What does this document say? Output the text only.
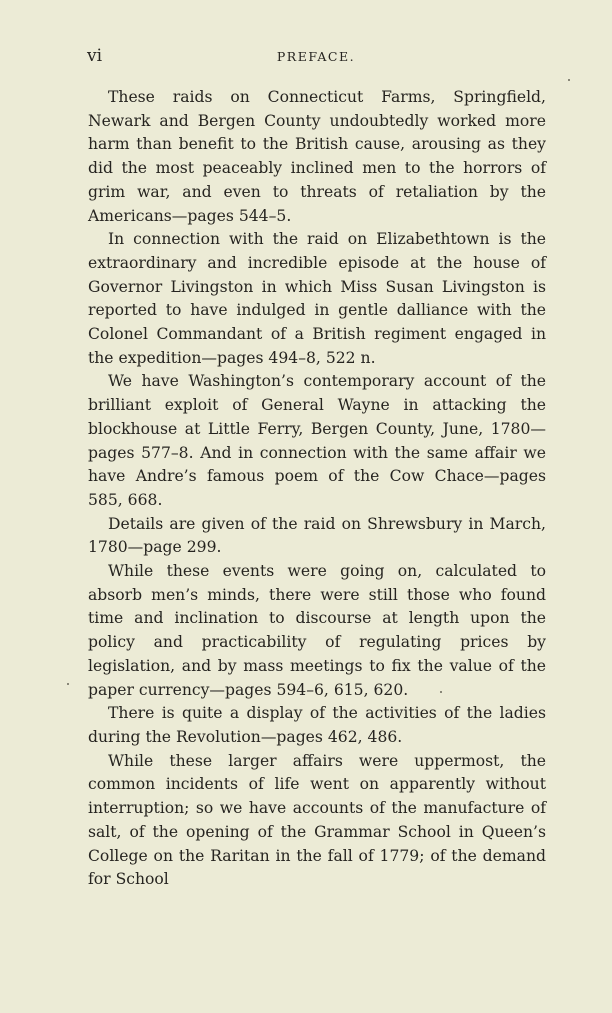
vi	PREFACE.

These raids on Connecticut Farms, Springfield, Newark and Bergen County undoubtedly worked more harm than benefit to the British cause, arousing as they did the most peaceably inclined men to the horrors of grim war, and even to threats of retaliation by the Americans—pages 544–5.

In connection with the raid on Elizabethtown is the extraordinary and incredible episode at the house of Governor Livingston in which Miss Susan Livingston is reported to have indulged in gentle dalliance with the Colonel Commandant of a British regiment engaged in the expedition—pages 494–8, 522 n.

We have Washington’s contemporary account of the brilliant exploit of General Wayne in attacking the blockhouse at Little Ferry, Bergen County, June, 1780—pages 577–8. And in connection with the same affair we have Andre’s famous poem of the Cow Chace—pages 585, 668.

Details are given of the raid on Shrewsbury in March, 1780—page 299.

While these events were going on, calculated to absorb men’s minds, there were still those who found time and inclination to discourse at length upon the policy and practicability of regulating prices by legislation, and by mass meetings to fix the value of the paper currency—pages 594–6, 615, 620.

There is quite a display of the activities of the ladies during the Revolution—pages 462, 486.

While these larger affairs were uppermost, the common incidents of life went on apparently without interruption; so we have accounts of the manufacture of salt, of the opening of the Grammar School in Queen’s College on the Raritan in the fall of 1779; of the demand for School
